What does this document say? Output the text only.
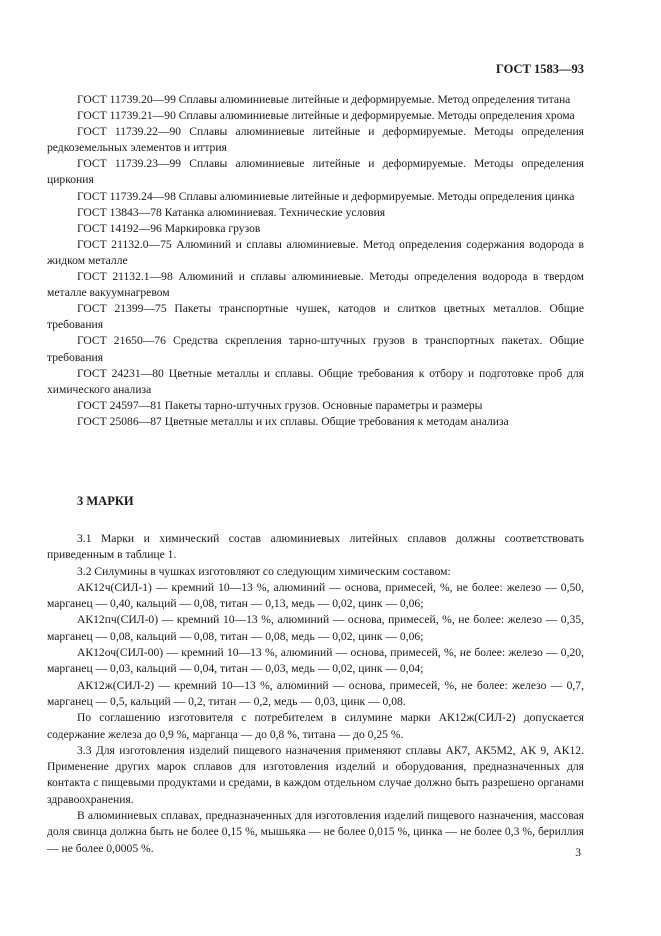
ГОСТ 1583—93

ГОСТ 11739.20—99 Сплавы алюминиевые литейные и деформируемые. Метод определения титана

ГОСТ 11739.21—90 Сплавы алюминиевые литейные и деформируемые. Методы определения хрома

ГОСТ 11739.22—90 Сплавы алюминиевые литейные и деформируемые. Методы определения редкоземельных элементов и иттрия

ГОСТ 11739.23—99 Сплавы алюминиевые литейные и деформируемые. Методы определения циркония

ГОСТ 11739.24—98 Сплавы алюминиевые литейные и деформируемые. Методы определения цинка

ГОСТ 13843—78 Катанка алюминиевая. Технические условия

ГОСТ 14192—96 Маркировка грузов

ГОСТ 21132.0—75 Алюминий и сплавы алюминиевые. Метод определения содержания водорода в жидком металле

ГОСТ 21132.1—98 Алюминий и сплавы алюминиевые. Методы определения водорода в твердом металле вакуумнагревом

ГОСТ 21399—75 Пакеты транспортные чушек, катодов и слитков цветных металлов. Общие требования

ГОСТ 21650—76 Средства скрепления тарно-штучных грузов в транспортных пакетах. Общие требования

ГОСТ 24231—80 Цветные металлы и сплавы. Общие требования к отбору и подготовке проб для химического анализа

ГОСТ 24597—81 Пакеты тарно-штучных грузов. Основные параметры и размеры

ГОСТ 25086—87 Цветные металлы и их сплавы. Общие требования к методам анализа

3 МАРКИ

3.1 Марки и химический состав алюминиевых литейных сплавов должны соответствовать приведенным в таблице 1.

3.2 Силумины в чушках изготовляют со следующим химическим составом:

АК12ч(СИЛ-1) — кремний 10—13 %, алюминий — основа, примесей, %, не более: железо — 0,50, марганец — 0,40, кальций — 0,08, титан — 0,13, медь — 0,02, цинк — 0,06;

АК12пч(СИЛ-0) — кремний 10—13 %, алюминий — основа, примесей, %, не более: железо — 0,35, марганец — 0,08, кальций — 0,08, титан — 0,08, медь — 0,02, цинк — 0,06;

АК12оч(СИЛ-00) — кремний 10—13 %, алюминий — основа, примесей, %, не более: железо — 0,20, марганец — 0,03, кальций — 0,04, титан — 0,03, медь — 0,02, цинк — 0,04;

АК12ж(СИЛ-2) — кремний 10—13 %, алюминий — основа, примесей, %, не более: железо — 0,7, марганец — 0,5, кальций — 0,2, титан — 0,2, медь — 0,03, цинк — 0,08.

По соглашению изготовителя с потребителем в силумине марки АК12ж(СИЛ-2) допускается содержание железа до 0,9 %, марганца — до 0,8 %, титана — до 0,25 %.

3.3 Для изготовления изделий пищевого назначения применяют сплавы АК7, АК5М2, АК 9, АК12. Применение других марок сплавов для изготовления изделий и оборудования, предназначенных для контакта с пищевыми продуктами и средами, в каждом отдельном случае должно быть разрешено органами здравоохранения.

В алюминиевых сплавах, предназначенных для изготовления изделий пищевого назначения, массовая доля свинца должна быть не более 0,15 %, мышьяка — не более 0,015 %, цинка — не более 0,3 %, бериллия — не более 0,0005 %.	3
